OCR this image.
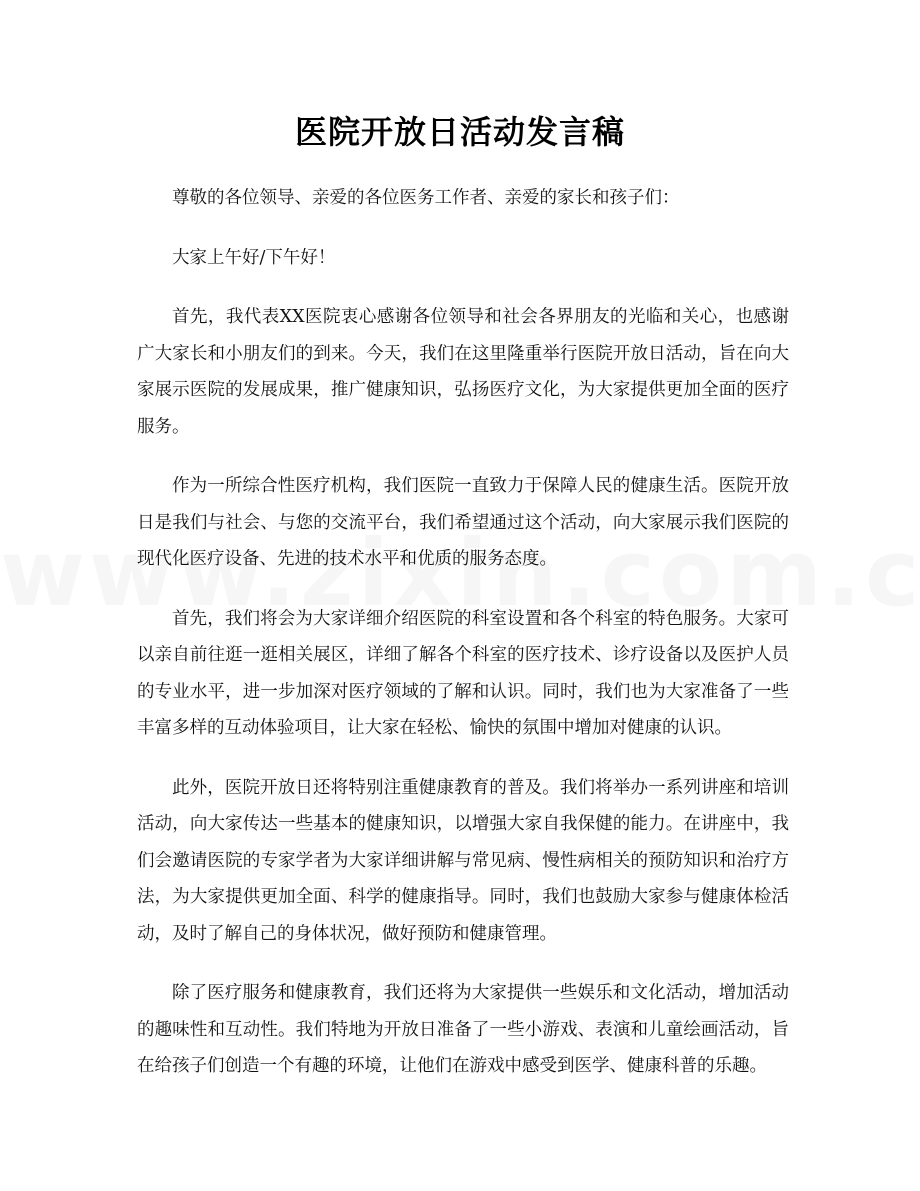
医院开放日活动发言稿

尊敬的各位领导、亲爱的各位医务工作者、亲爱的家长和孩子们：

大家上午好/下午好！

首先，我代表XX医院衷心感谢各位领导和社会各界朋友的光临和关心，也感谢广大家长和小朋友们的到来。今天，我们在这里隆重举行医院开放日活动，旨在向大家展示医院的发展成果，推广健康知识，弘扬医疗文化，为大家提供更加全面的医疗服务。

作为一所综合性医疗机构，我们医院一直致力于保障人民的健康生活。医院开放日是我们与社会、与您的交流平台，我们希望通过这个活动，向大家展示我们医院的现代化医疗设备、先进的技术水平和优质的服务态度。

首先，我们将会为大家详细介绍医院的科室设置和各个科室的特色服务。大家可以亲自前往逛一逛相关展区，详细了解各个科室的医疗技术、诊疗设备以及医护人员的专业水平，进一步加深对医疗领域的了解和认识。同时，我们也为大家准备了一些丰富多样的互动体验项目，让大家在轻松、愉快的氛围中增加对健康的认识。

此外，医院开放日还将特别注重健康教育的普及。我们将举办一系列讲座和培训活动，向大家传达一些基本的健康知识，以增强大家自我保健的能力。在讲座中，我们会邀请医院的专家学者为大家详细讲解与常见病、慢性病相关的预防知识和治疗方法，为大家提供更加全面、科学的健康指导。同时，我们也鼓励大家参与健康体检活动，及时了解自己的身体状况，做好预防和健康管理。

除了医疗服务和健康教育，我们还将为大家提供一些娱乐和文化活动，增加活动的趣味性和互动性。我们特地为开放日准备了一些小游戏、表演和儿童绘画活动，旨在给孩子们创造一个有趣的环境，让他们在游戏中感受到医学、健康科普的乐趣。
